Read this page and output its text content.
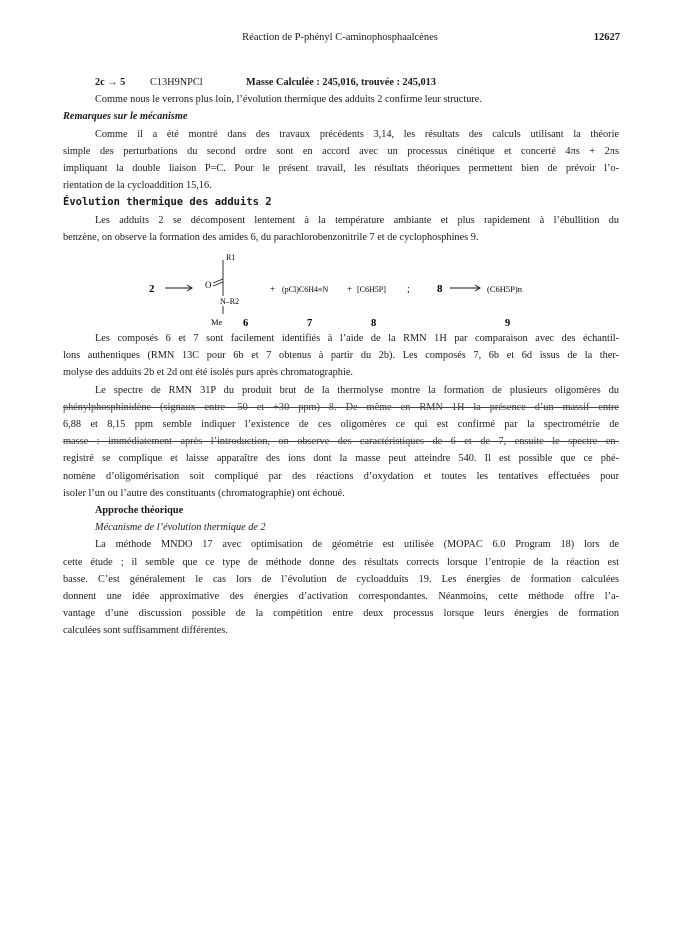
Réaction de P-phényl C-aminophosphaalcènes	12627
2c → 5 C13H9NPCl	Masse Calculée : 245,016, trouvée : 245,013
Comme nous le verrons plus loin, l’évolution thermique des adduits 2 confirme leur structure.
Remarques sur le mécanisme
Comme il a été montré dans des travaux précédents 3,14, les résultats des calculs utilisant la théorie
simple des perturbations du second ordre sont en accord avec un processus cinétique et concerté 4πs + 2πs
impliquant la double liaison P=C. Pour le présent travail, les résultats théoriques permettent bien de prévoir l’o-
rientation de la cycloaddition 15,16.
Évolution thermique des adduits 2
Les adduits 2 se décomposent lentement à la température ambiante et plus rapidement à l’ébullition du
benzène, on observe la formation des amides 6, du parachlorobenzonitrile 7 et de cyclophosphines 9.
2	O
R1
N–R2
Me 6
+ (pCl)C6H4≡N + [C6H5P]
7	8
; 8	(C6H5P)n
9
Les composés 6 et 7 sont facilement identifiés à l’aide de la RMN 1H par comparaison avec des échantil-
lons authentiques (RMN 13C pour 6b et 7 obtenus à partir du 2b). Les composés 7, 6b et 6d issus de la ther-
molyse des adduits 2b et 2d ont été isolés purs après chromatographie.
Le spectre de RMN 31P du produit brut de la thermolyse montre la formation de plusieurs oligomères du
phénylphosphinidène (signaux entre -50 et +30 ppm) 8. De même en RMN 1H la présence d’un massif entre
6,88 et 8,15 ppm semble indiquer l’existence de ces oligomères ce qui est confirmé par la spectrométrie de
masse : immédiatement après l’introduction, on observe des caractéristiques de 6 et de 7, ensuite le spectre en-
registré se complique et laisse apparaître des ions dont la masse peut atteindre 540. Il est possible que ce phé-
nomène d’oligomérisation soit compliqué par des réactions d’oxydation et toutes les tentatives effectuées pour
isoler l’un ou l’autre des constituants (chromatographie) ont échoué.
Approche théorique
Mécanisme de l’évolution thermique de 2
La méthode MNDO 17 avec optimisation de géométrie est utilisée (MOPAC 6.0 Program 18) lors de
cette étude ; il semble que ce type de méthode donne des résultats corrects lorsque l’entropie de la réaction est
basse. C’est généralement le cas lors de l’évolution de cycloadduits 19. Les énergies de formation calculées
donnent une idée approximative des énergies d’activation correspondantes. Néanmoins, cette méthode offre l’a-
vantage d’une discussion possible de la compétition entre deux processus lorsque leurs énergies de formation
calculées sont suffisamment différentes.
